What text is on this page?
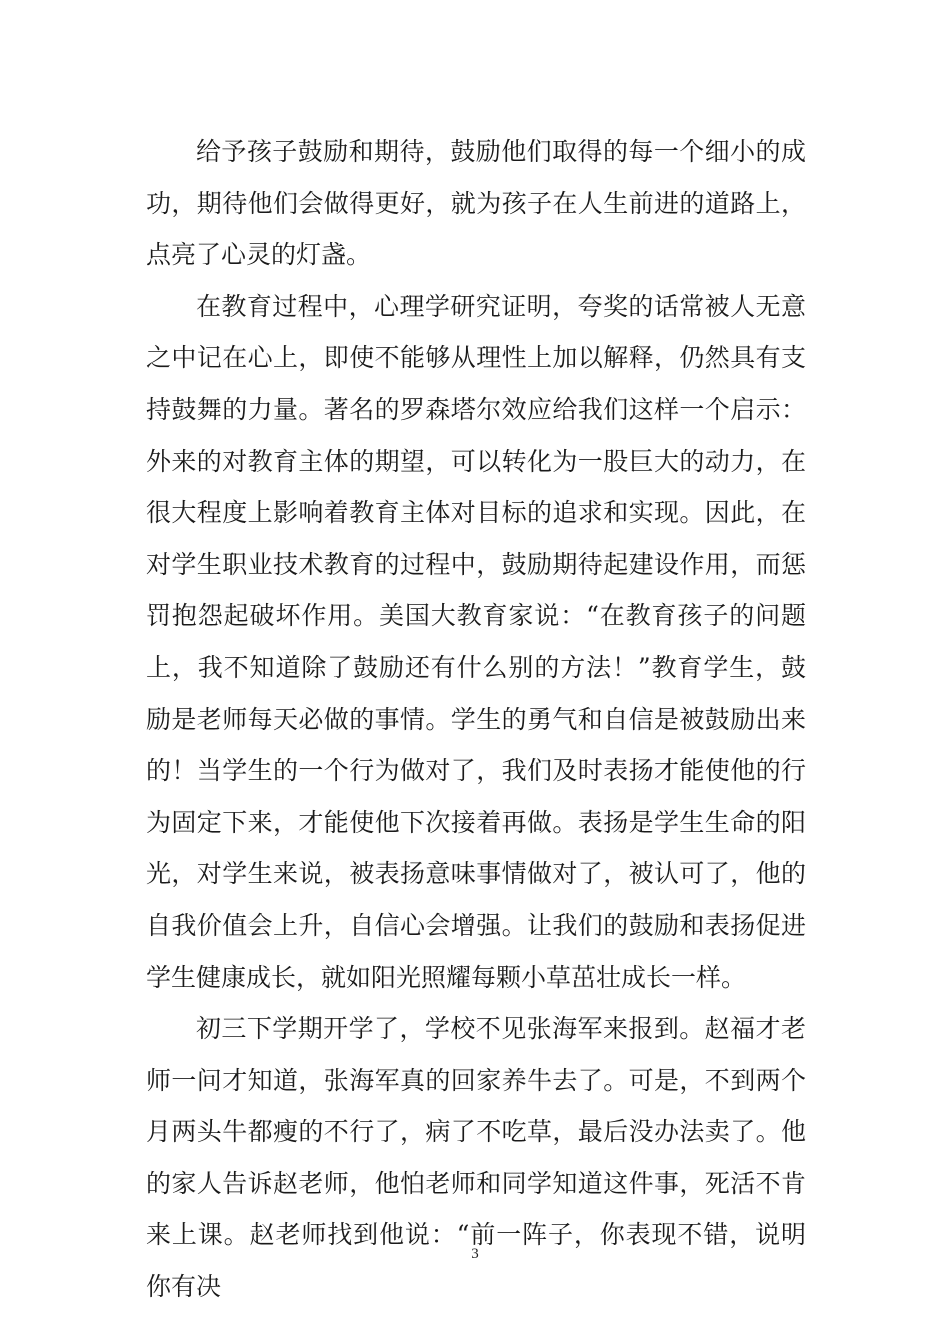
给予孩子鼓励和期待，鼓励他们取得的每一个细小的成功，期待他们会做得更好，就为孩子在人生前进的道路上，点亮了心灵的灯盏。

在教育过程中，心理学研究证明，夸奖的话常被人无意之中记在心上，即使不能够从理性上加以解释，仍然具有支持鼓舞的力量。著名的罗森塔尔效应给我们这样一个启示：外来的对教育主体的期望，可以转化为一股巨大的动力，在很大程度上影响着教育主体对目标的追求和实现。因此，在对学生职业技术教育的过程中，鼓励期待起建设作用，而惩罚抱怨起破坏作用。美国大教育家说：“在教育孩子的问题上，我不知道除了鼓励还有什么别的方法！”教育学生，鼓励是老师每天必做的事情。学生的勇气和自信是被鼓励出来的！当学生的一个行为做对了，我们及时表扬才能使他的行为固定下来，才能使他下次接着再做。表扬是学生生命的阳光，对学生来说，被表扬意味事情做对了，被认可了，他的自我价值会上升，自信心会增强。让我们的鼓励和表扬促进学生健康成长，就如阳光照耀每颗小草茁壮成长一样。

初三下学期开学了，学校不见张海军来报到。赵福才老师一问才知道，张海军真的回家养牛去了。可是，不到两个月两头牛都瘦的不行了，病了不吃草，最后没办法卖了。他的家人告诉赵老师，他怕老师和同学知道这件事，死活不肯来上课。赵老师找到他说：“前一阵子，你表现不错，说明你有决

3
